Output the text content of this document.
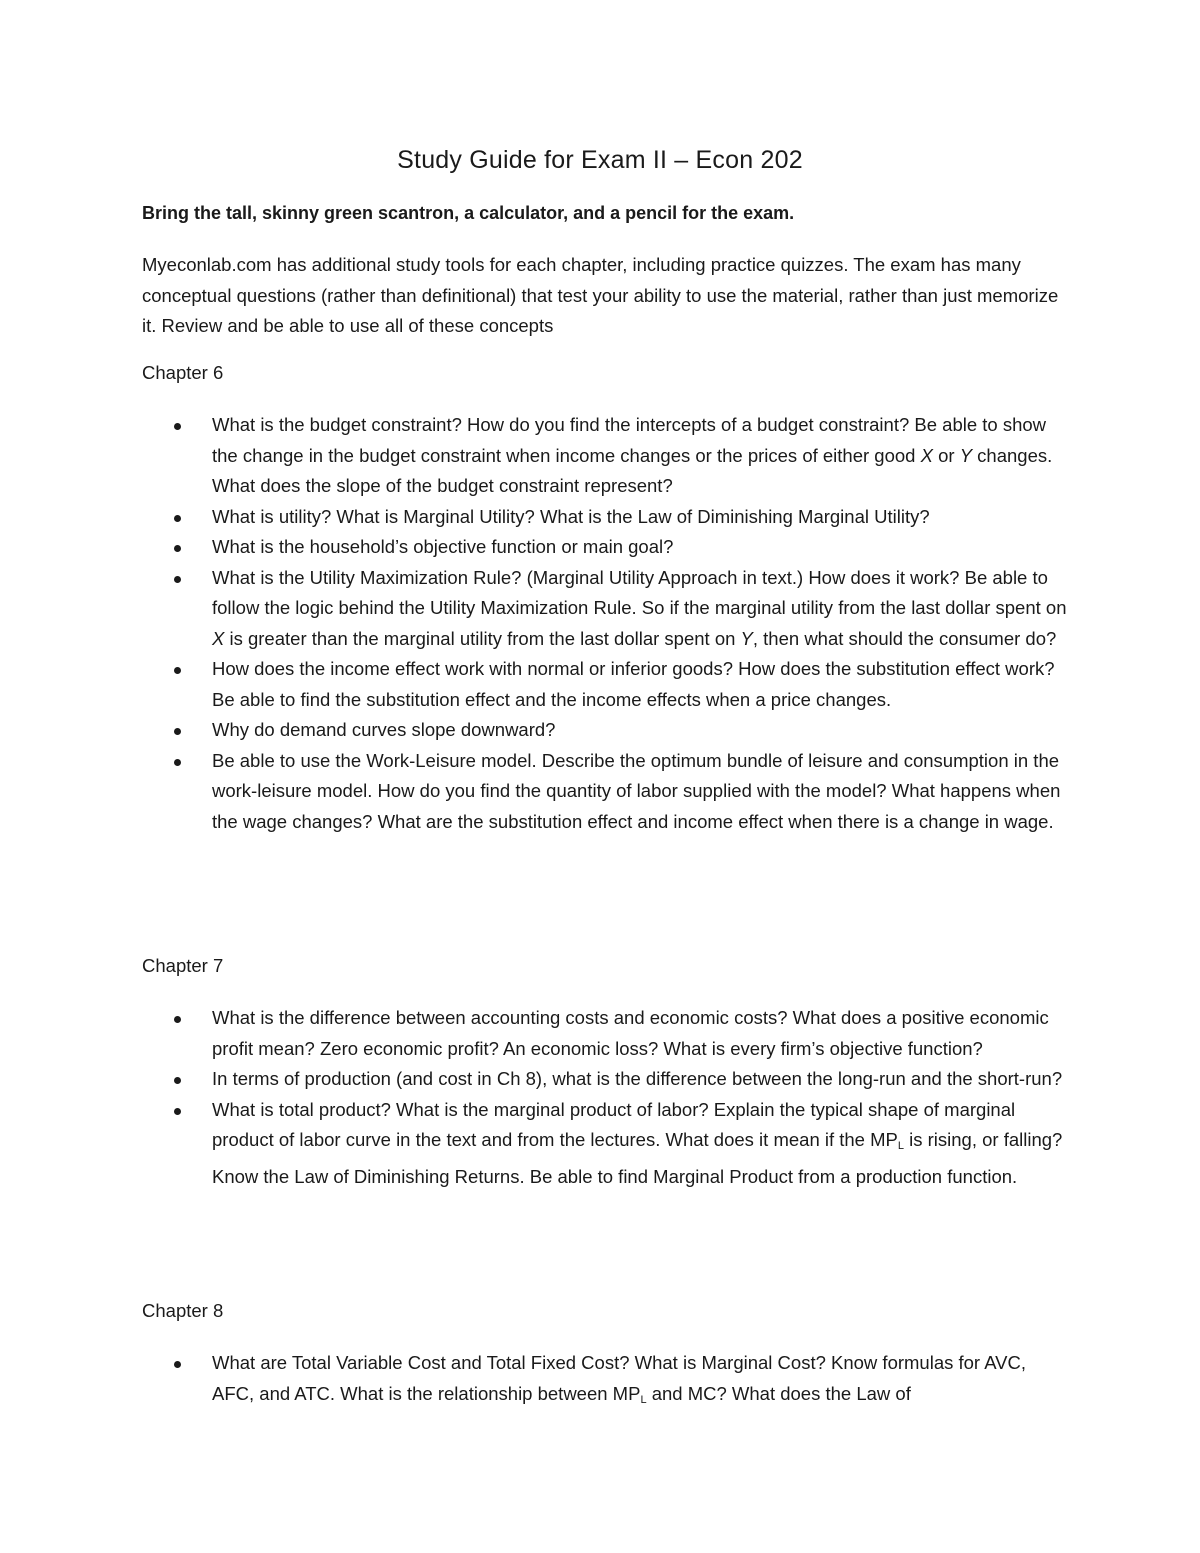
Study Guide for Exam II – Econ 202
Bring the tall, skinny green scantron, a calculator, and a pencil for the exam.
Myeconlab.com has additional study tools for each chapter, including practice quizzes. The exam has many conceptual questions (rather than definitional) that test your ability to use the material, rather than just memorize it. Review and be able to use all of these concepts
Chapter 6
What is the budget constraint? How do you find the intercepts of a budget constraint? Be able to show the change in the budget constraint when income changes or the prices of either good X or Y changes. What does the slope of the budget constraint represent?
What is utility? What is Marginal Utility? What is the Law of Diminishing Marginal Utility?
What is the household’s objective function or main goal?
What is the Utility Maximization Rule? (Marginal Utility Approach in text.) How does it work? Be able to follow the logic behind the Utility Maximization Rule. So if the marginal utility from the last dollar spent on X is greater than the marginal utility from the last dollar spent on Y, then what should the consumer do?
How does the income effect work with normal or inferior goods? How does the substitution effect work? Be able to find the substitution effect and the income effects when a price changes.
Why do demand curves slope downward?
Be able to use the Work-Leisure model. Describe the optimum bundle of leisure and consumption in the work-leisure model. How do you find the quantity of labor supplied with the model? What happens when the wage changes? What are the substitution effect and income effect when there is a change in wage.
Chapter 7
What is the difference between accounting costs and economic costs? What does a positive economic profit mean? Zero economic profit? An economic loss? What is every firm’s objective function?
In terms of production (and cost in Ch 8), what is the difference between the long-run and the short-run?
What is total product? What is the marginal product of labor? Explain the typical shape of marginal product of labor curve in the text and from the lectures. What does it mean if the $MP_L$ is rising, or falling? Know the Law of Diminishing Returns. Be able to find Marginal Product from a production function.
Chapter 8
What are Total Variable Cost and Total Fixed Cost? What is Marginal Cost? Know formulas for AVC, AFC, and ATC. What is the relationship between $MP_L$ and MC? What does the Law of
